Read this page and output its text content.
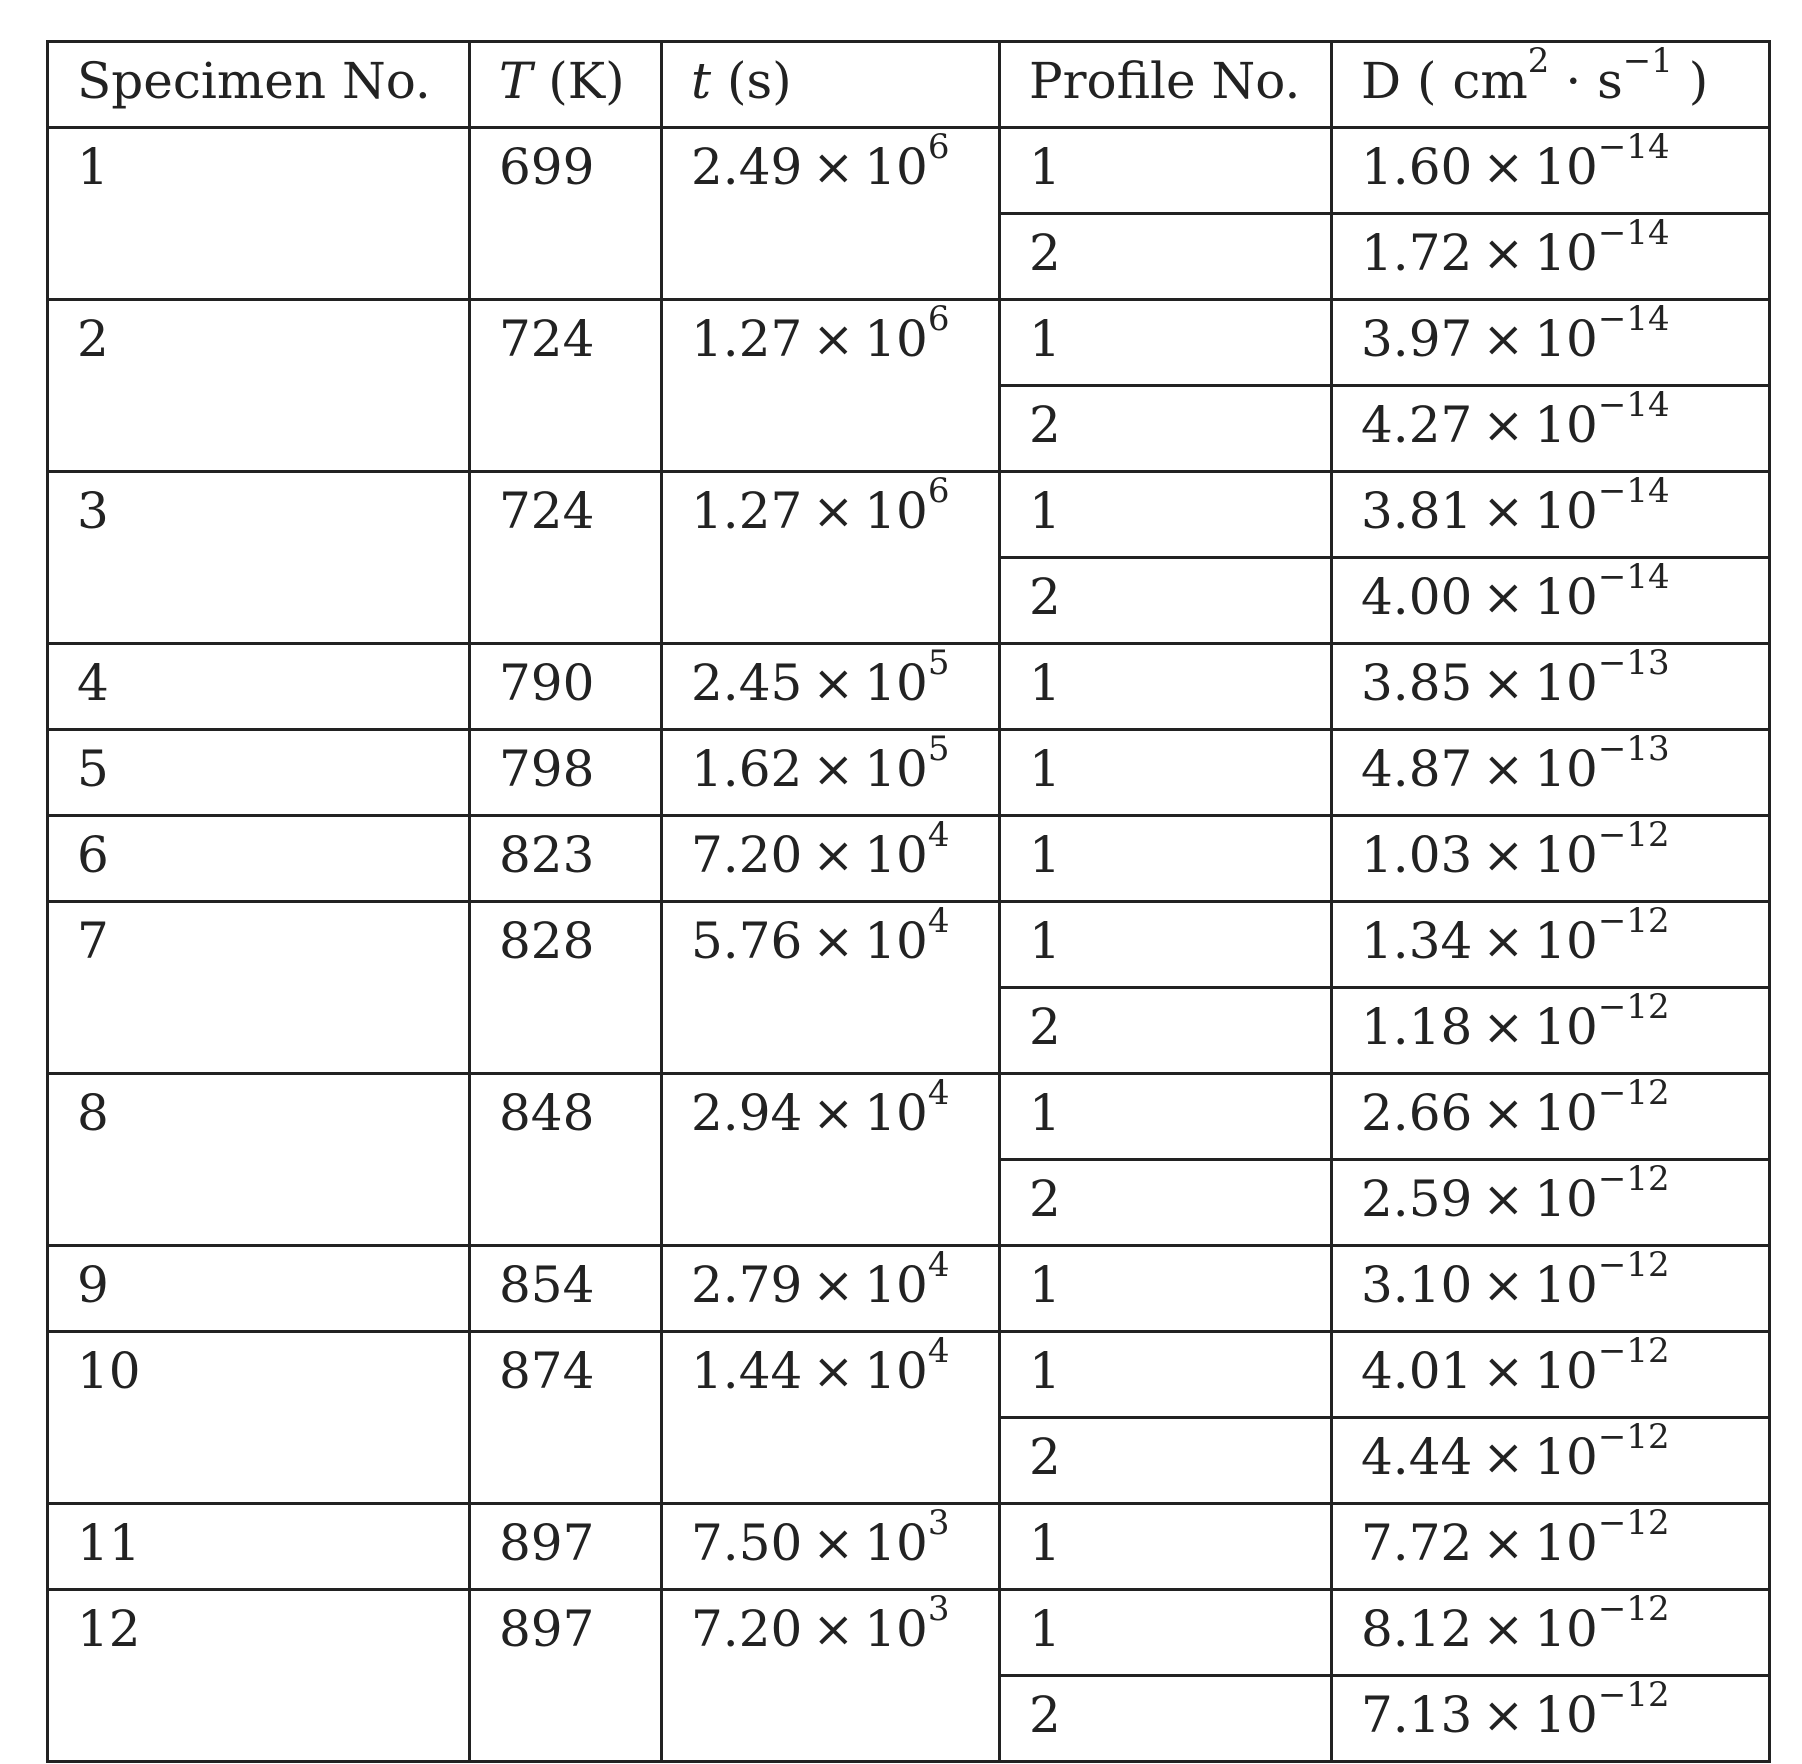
Specimen No.	T (K)	t (s)	Profile No.	D ( $cm^2 \cdot s^{-1}$ )
1	699	$2.49 \times 10^6$	1	$1.60 \times 10^{-14}$
			2	$1.72 \times 10^{-14}$
2	724	$1.27 \times 10^6$	1	$3.97 \times 10^{-14}$
			2	$4.27 \times 10^{-14}$
3	724	$1.27 \times 10^6$	1	$3.81 \times 10^{-14}$
			2	$4.00 \times 10^{-14}$
4	790	$2.45 \times 10^5$	1	$3.85 \times 10^{-13}$
5	798	$1.62 \times 10^5$	1	$4.87 \times 10^{-13}$
6	823	$7.20 \times 10^4$	1	$1.03 \times 10^{-12}$
7	828	$5.76 \times 10^4$	1	$1.34 \times 10^{-12}$
			2	$1.18 \times 10^{-12}$
8	848	$2.94 \times 10^4$	1	$2.66 \times 10^{-12}$
			2	$2.59 \times 10^{-12}$
9	854	$2.79 \times 10^4$	1	$3.10 \times 10^{-12}$
10	874	$1.44 \times 10^4$	1	$4.01 \times 10^{-12}$
			2	$4.44 \times 10^{-12}$
11	897	$7.50 \times 10^3$	1	$7.72 \times 10^{-12}$
12	897	$7.20 \times 10^3$	1	$8.12 \times 10^{-12}$
			2	$7.13 \times 10^{-12}$
